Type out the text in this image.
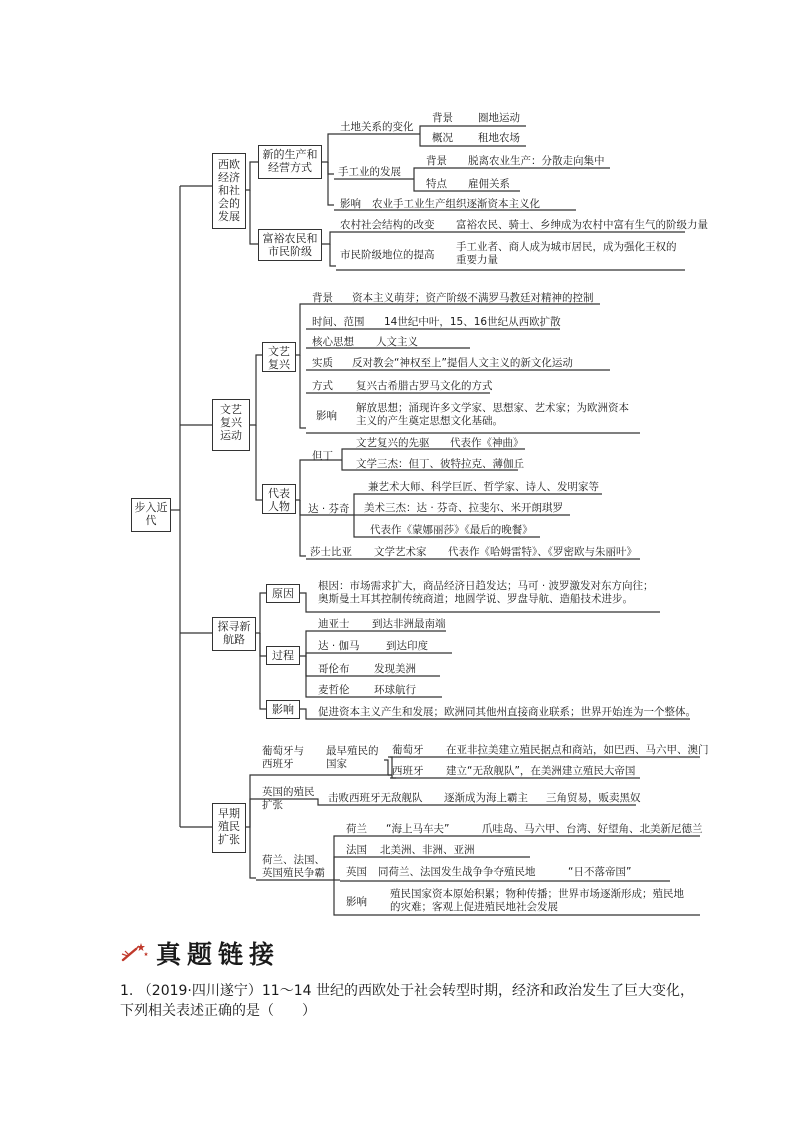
步入近代
西欧经济和社会的发展
新的生产和经营方式
土地关系的变化
背景 圈地运动
概况 租地农场
手工业的发展
背景 脱离农业生产：分散走向集中
特点 雇佣关系
影响 农业手工业生产组织逐渐资本主义化
富裕农民和市民阶级
农村社会结构的改变 富裕农民、骑士、乡绅成为农村中富有生气的阶级力量
市民阶级地位的提高
手工业者、商人成为城市居民，成为强化王权的重要力量
文艺复兴运动
文艺复兴
背景 资本主义萌芽；资产阶级不满罗马教廷对精神的控制
时间、范围 14世纪中叶，15、16世纪从西欧扩散
核心思想 人文主义
实质 反对教会“神权至上”提倡人文主义的新文化运动
方式 复兴古希腊古罗马文化的方式
影响
解放思想；涌现许多文学家、思想家、艺术家；为欧洲资本主义的产生奠定思想文化基础。
代表人物
但丁
文艺复兴的先驱 代表作《神曲》
文学三杰：但丁、彼特拉克、薄伽丘
达 · 芬奇
兼艺术大师、科学巨匠、哲学家、诗人、发明家等
美术三杰：达 · 芬奇、拉斐尔、米开朗琪罗
代表作《蒙娜丽莎》《最后的晚餐》
莎士比亚 文学艺术家 代表作《哈姆雷特》、《罗密欧与朱丽叶》
探寻新航路
原因
根因：市场需求扩大，商品经济日趋发达；马可 · 波罗激发对东方向往；奥斯曼土耳其控制传统商道；地圆学说、罗盘导航、造船技术进步。
过程
迪亚士 到达非洲最南端
达 · 伽马	到达印度
哥伦布 发现美洲
麦哲伦 环球航行
影响	促进资本主义产生和发展；欧洲同其他州直接商业联系；世界开始连为一个整体。
早期殖民扩张
葡萄牙与西班牙
最早殖民的国家
葡萄牙 在亚非拉美建立殖民据点和商站，如巴西、马六甲、澳门
西班牙 建立“无敌舰队”，在美洲建立殖民大帝国
英国的殖民扩张
击败西班牙无敌舰队 逐渐成为海上霸主 三角贸易，贩卖黑奴
荷兰、法国、英国殖民争霸
荷兰 “海上马车夫”	爪哇岛、马六甲、台湾、好望角、北美新尼德兰
法国 北美洲、非洲、亚洲
英国 同荷兰、法国发生战争争夺殖民地	“日不落帝国”
影响
殖民国家资本原始积累；物种传播；世界市场逐渐形成；殖民地的灾难；客观上促进殖民地社会发展
真题链接
1. （2019·四川遂宁）11～14 世纪的西欧处于社会转型时期，经济和政治发生了巨大变化，下列相关表述正确的是（　　）
